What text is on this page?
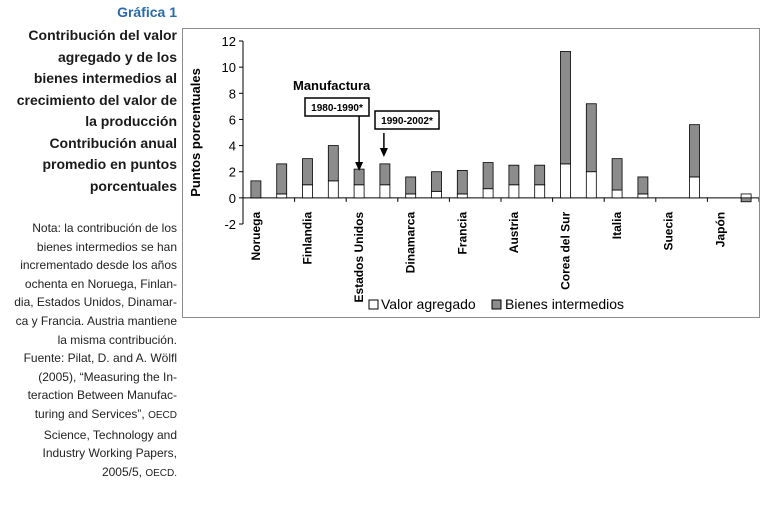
Gráfica 1
Contribución del valor
agregado y de los
bienes intermedios al
crecimiento del valor de
la producción
Contribución anual
promedio en puntos
porcentuales
Nota: la contribución de los
bienes intermedios se han
incrementado desde los años
ochenta en Noruega, Finlan-
dia, Estados Unidos, Dinamar-
ca y Francia. Austria mantiene
la misma contribución.
Fuente: Pilat, D. and A. Wölfl
(2005), “Measuring the In-
teraction Between Manufac-
turing and Services”, OECD
Science, Technology and
Industry Working Papers,
2005/5, OECD.
-2
0
2
4
6
8
10
12
Puntos porcentuales
Noruega	Finlandia	Estados Unidos	Dinamarca	Francia	Austria	Corea del Sur	Italia	Suecia	Japón
Manufactura
1980-1990*
1990-2002*
Valor agregado Bienes intermedios
